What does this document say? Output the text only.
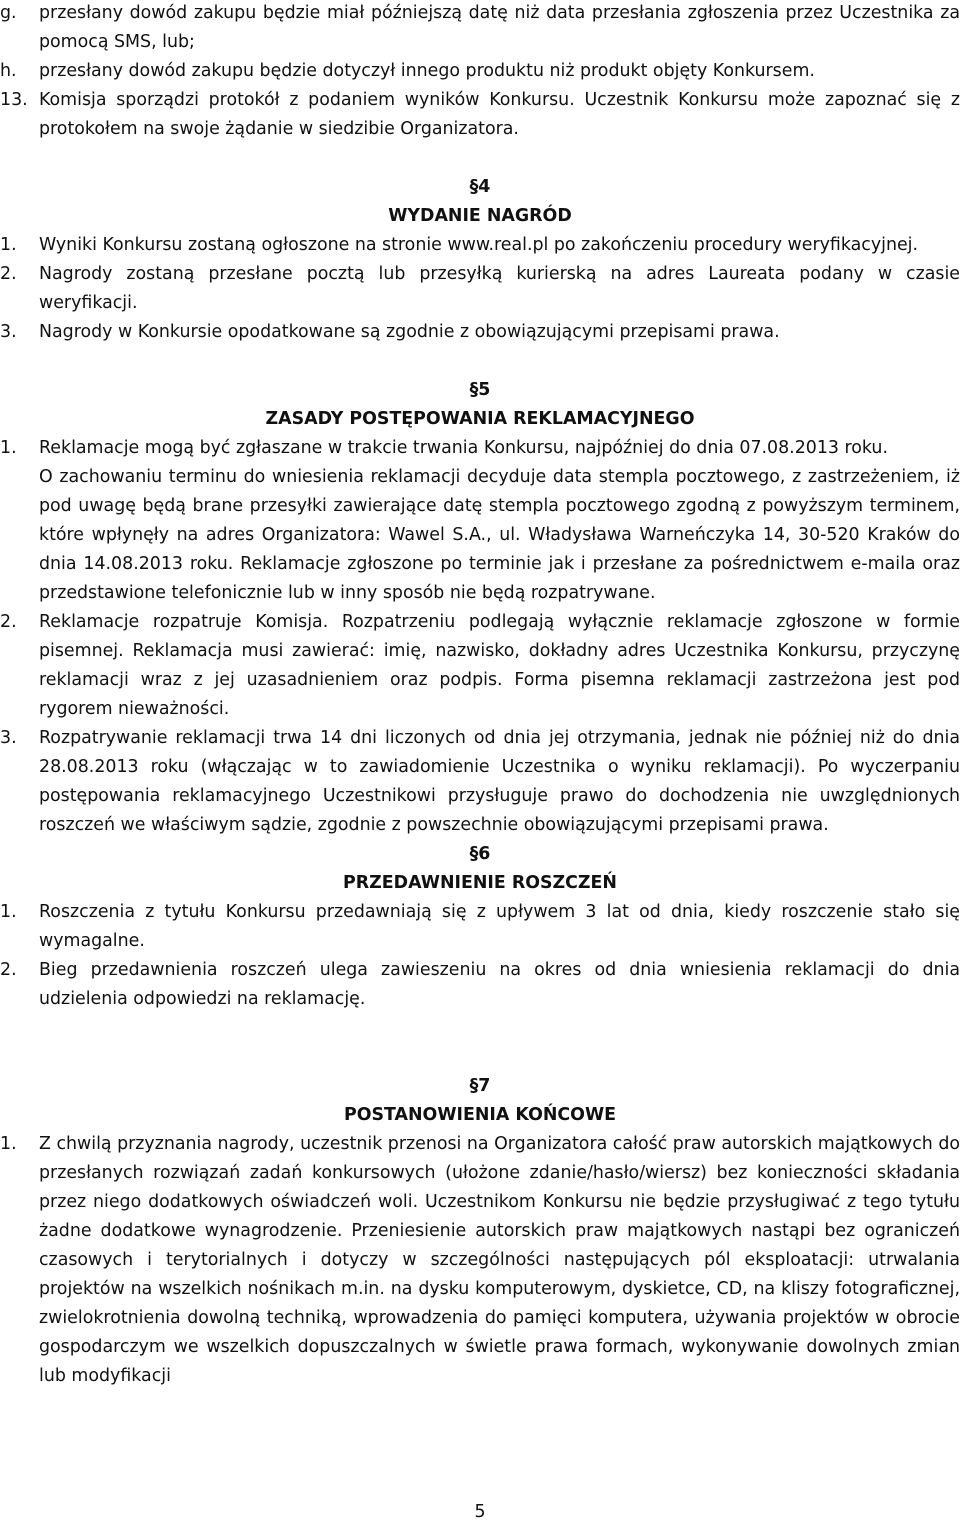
g. przesłany dowód zakupu będzie miał późniejszą datę niż data przesłania zgłoszenia przez Uczestnika za pomocą SMS, lub;
h. przesłany dowód zakupu będzie dotyczył innego produktu niż produkt objęty Konkursem.
13. Komisja sporządzi protokół z podaniem wyników Konkursu. Uczestnik Konkursu może zapoznać się z protokołem na swoje żądanie w siedzibie Organizatora.
§4
WYDANIE NAGRÓD
1. Wyniki Konkursu zostaną ogłoszone na stronie www.real.pl po zakończeniu procedury weryfikacyjnej.
2. Nagrody zostaną przesłane pocztą lub przesyłką kurierską na adres Laureata podany w czasie weryfikacji.
3. Nagrody w Konkursie opodatkowane są zgodnie z obowiązującymi przepisami prawa.
§5
ZASADY POSTĘPOWANIA REKLAMACYJNEGO
1. Reklamacje mogą być zgłaszane w trakcie trwania Konkursu, najpóźniej do dnia 07.08.2013 roku.
O zachowaniu terminu do wniesienia reklamacji decyduje data stempla pocztowego, z zastrzeżeniem, iż pod uwagę będą brane przesyłki zawierające datę stempla pocztowego zgodną z powyższym terminem, które wpłynęły na adres Organizatora: Wawel S.A., ul. Władysława Warneńczyka 14, 30-520 Kraków do dnia 14.08.2013 roku. Reklamacje zgłoszone po terminie jak i przesłane za pośrednictwem e-maila oraz przedstawione telefonicznie lub w inny sposób nie będą rozpatrywane.
2. Reklamacje rozpatruje Komisja. Rozpatrzeniu podlegają wyłącznie reklamacje zgłoszone w formie pisemnej. Reklamacja musi zawierać: imię, nazwisko, dokładny adres Uczestnika Konkursu, przyczynę reklamacji wraz z jej uzasadnieniem oraz podpis. Forma pisemna reklamacji zastrzeżona jest pod rygorem nieważności.
3. Rozpatrywanie reklamacji trwa 14 dni liczonych od dnia jej otrzymania, jednak nie później niż do dnia 28.08.2013 roku (włączając w to zawiadomienie Uczestnika o wyniku reklamacji). Po wyczerpaniu postępowania reklamacyjnego Uczestnikowi przysługuje prawo do dochodzenia nie uwzględnionych roszczeń we właściwym sądzie, zgodnie z powszechnie obowiązującymi przepisami prawa.
§6
PRZEDAWNIENIE ROSZCZEŃ
1. Roszczenia z tytułu Konkursu przedawniają się z upływem 3 lat od dnia, kiedy roszczenie stało się wymagalne.
2. Bieg przedawnienia roszczeń ulega zawieszeniu na okres od dnia wniesienia reklamacji do dnia udzielenia odpowiedzi na reklamację.
§7
POSTANOWIENIA KOŃCOWE
1. Z chwilą przyznania nagrody, uczestnik przenosi na Organizatora całość praw autorskich majątkowych do przesłanych rozwiązań zadań konkursowych (ułożone zdanie/hasło/wiersz) bez konieczności składania przez niego dodatkowych oświadczeń woli. Uczestnikom Konkursu nie będzie przysługiwać z tego tytułu żadne dodatkowe wynagrodzenie. Przeniesienie autorskich praw majątkowych nastąpi bez ograniczeń czasowych i terytorialnych i dotyczy w szczególności następujących pól eksploatacji: utrwalania projektów na wszelkich nośnikach m.in. na dysku komputerowym, dyskietce, CD, na kliszy fotograficznej, zwielokrotnienia dowolną techniką, wprowadzenia do pamięci komputera, używania projektów w obrocie gospodarczym we wszelkich dopuszczalnych w świetle prawa formach, wykonywanie dowolnych zmian lub modyfikacji
5
